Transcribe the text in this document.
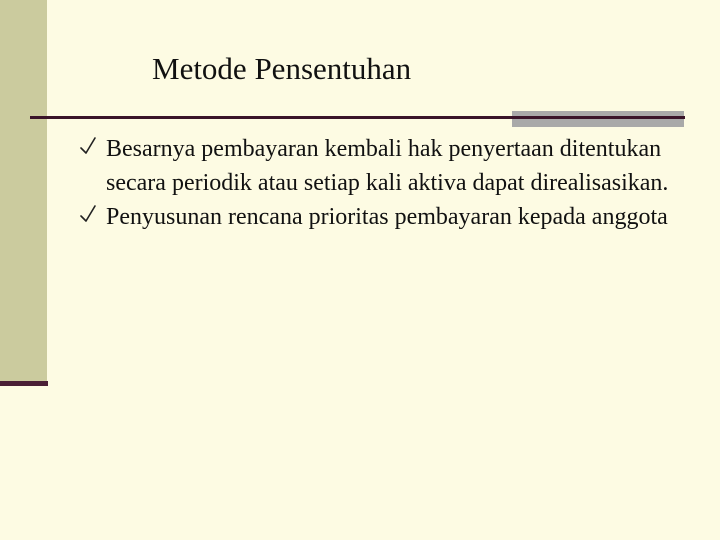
Metode Pensentuhan
Besarnya pembayaran kembali hak penyertaan ditentukan secara periodik atau setiap kali aktiva dapat direalisasikan.
Penyusunan rencana prioritas pembayaran kepada anggota
